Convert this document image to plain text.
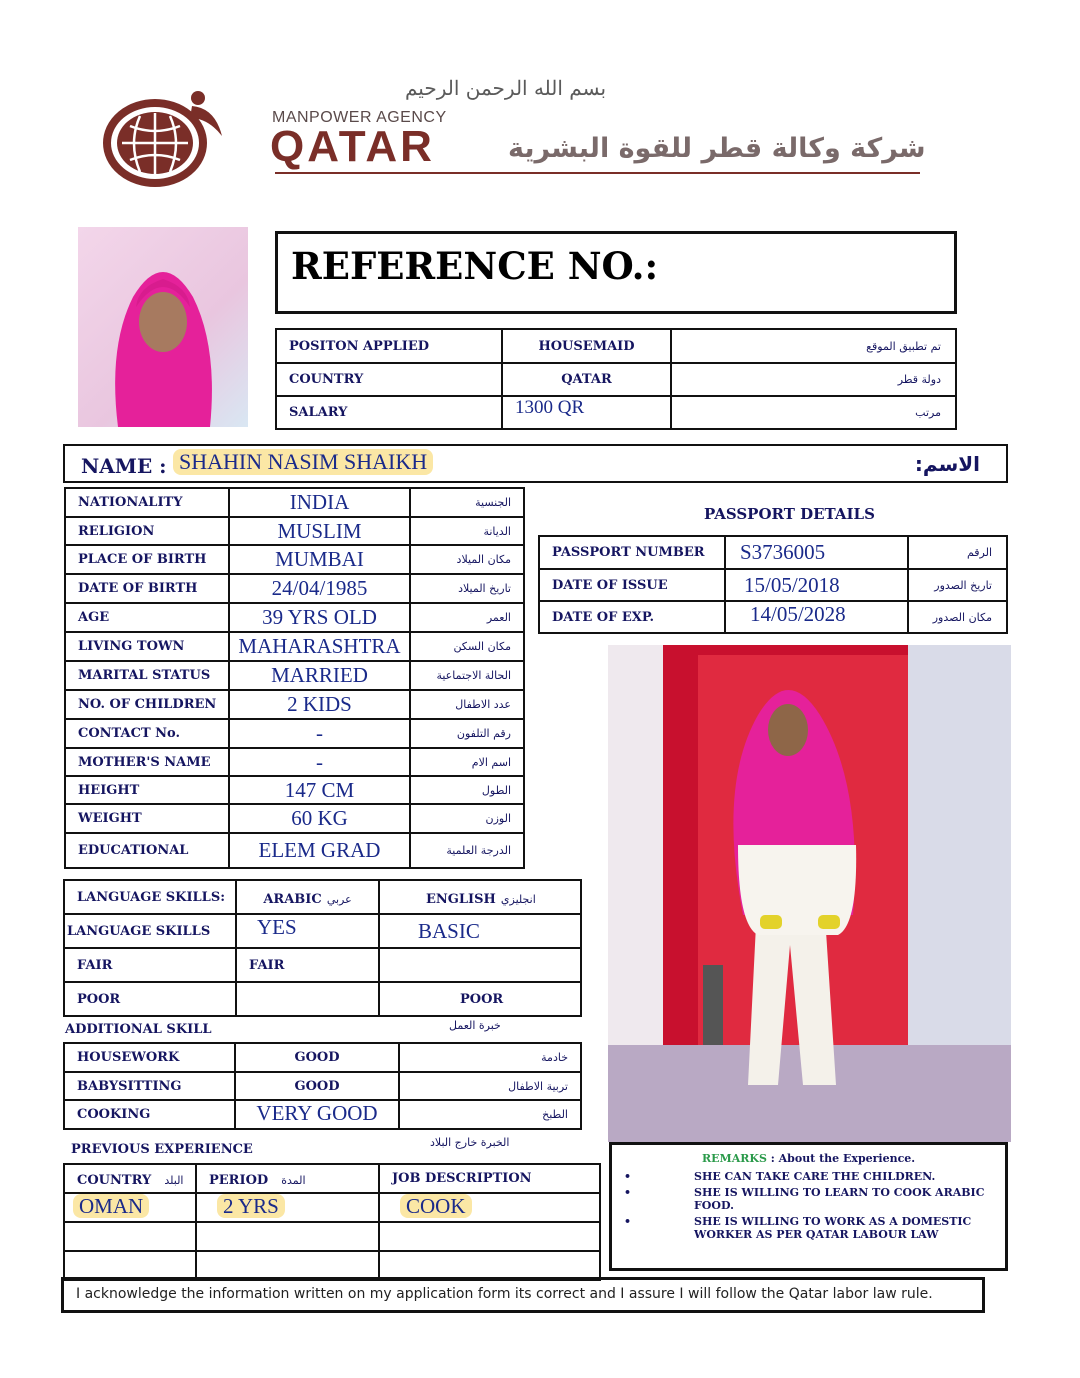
بسم الله الرحمن الرحيم
MANPOWER AGENCY
QATAR	شركة وكالة قطر للقوة البشرية
REFERENCE NO.:
POSITON APPLIED	HOUSEMAID	تم تطبيق الموقع
COUNTRY	QATAR	دولة قطر
SALARY	1300 QR	مرتب
NAME : SHAHIN NASIM SHAIKH	الاسم:
NATIONALITY	INDIA	الجنسية
RELIGION	MUSLIM	الديانة
PLACE OF BIRTH	MUMBAI	مكان الميلاد
DATE OF BIRTH	24/04/1985	تاريخ الميلاد
AGE	39 YRS OLD	العمر
LIVING TOWN	MAHARASHTRA	مكان السكن
MARITAL STATUS	MARRIED	الحالة الاجتماعية
NO. OF CHILDREN	2 KIDS	عدد الاطفال
CONTACT No.	-	رقم التلفون
MOTHER'S NAME	-	اسم الام
HEIGHT	147 CM	الطول
WEIGHT	60 KG	الوزن
EDUCATIONAL	ELEM GRAD	الدرجة العلمية
PASSPORT DETAILS
PASSPORT NUMBER	S3736005	الرقم
DATE OF ISSUE	15/05/2018	تاريخ الصدور
DATE OF EXP.	14/05/2028	مكان الصدور
LANGUAGE SKILLS:	ARABIC عربي	ENGLISH انجليزي
LANGUAGE SKILLS	YES	BASIC
FAIR	FAIR	
POOR		POOR
ADDITIONAL SKILL	خبرة العمل
HOUSEWORK	GOOD	خادمة
BABYSITTING	GOOD	تربية الاطفال
COOKING	VERY GOOD	الطبخ
PREVIOUS EXPERIENCE	الخبرة خارج البلاد
COUNTRY البلد	PERIOD المدة	JOB DESCRIPTION
OMAN	2 YRS	COOK

REMARKS : About the Experience.
•	SHE CAN TAKE CARE THE CHILDREN.
•	SHE IS WILLING TO LEARN TO COOK ARABIC FOOD.
•	SHE IS WILLING TO WORK AS A DOMESTIC WORKER AS PER QATAR LABOUR LAW
I acknowledge the information written on my application form its correct and I assure I will follow the Qatar labor law rule.
